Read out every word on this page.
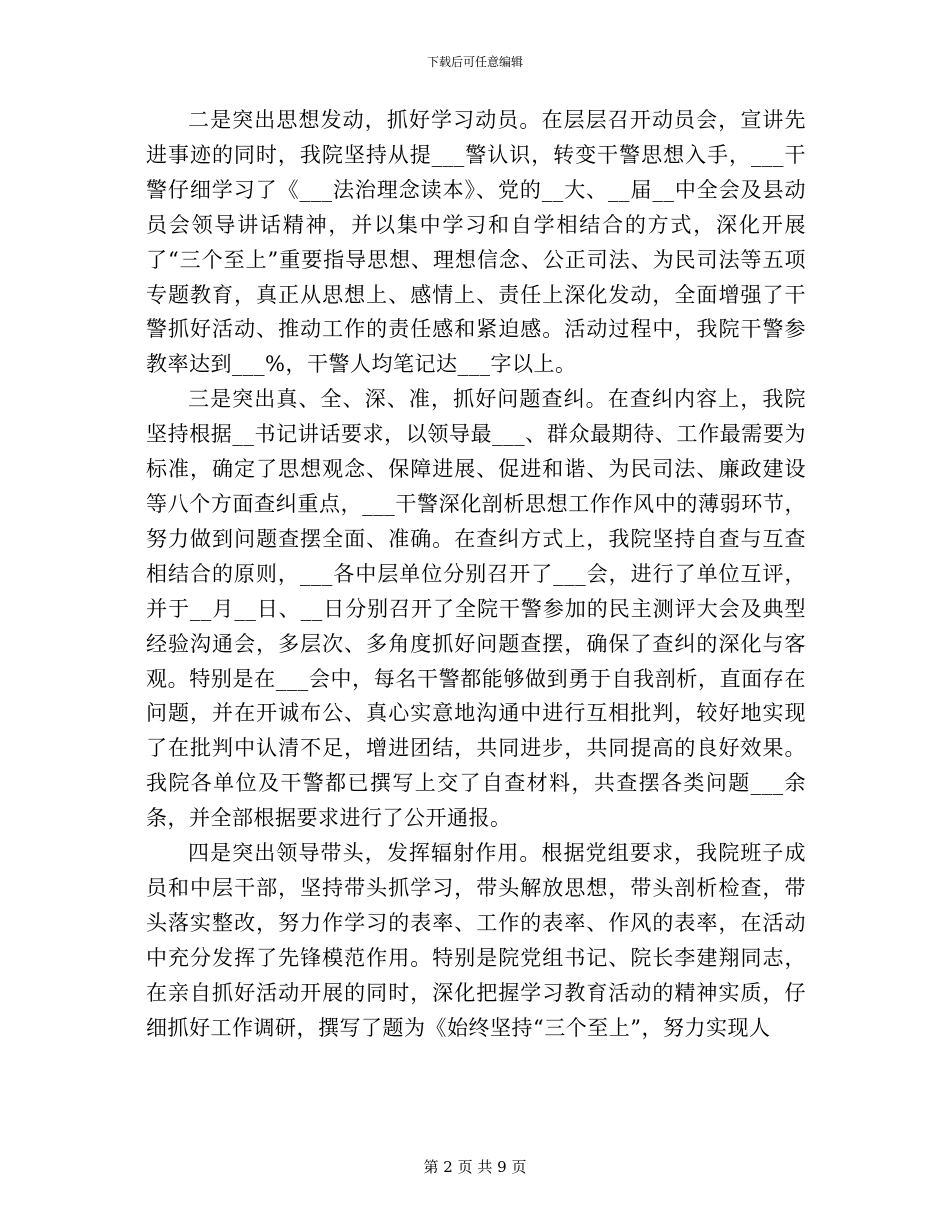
下载后可任意编辑

二是突出思想发动，抓好学习动员。在层层召开动员会，宣讲先进事迹的同时，我院坚持从提___警认识，转变干警思想入手，___干警仔细学习了《___法治理念读本》、党的__大、__届__中全会及县动员会领导讲话精神，并以集中学习和自学相结合的方式，深化开展了“三个至上”重要指导思想、理想信念、公正司法、为民司法等五项专题教育，真正从思想上、感情上、责任上深化发动，全面增强了干警抓好活动、推动工作的责任感和紧迫感。活动过程中，我院干警参教率达到___%，干警人均笔记达___字以上。

三是突出真、全、深、准，抓好问题查纠。在查纠内容上，我院坚持根据__书记讲话要求，以领导最___、群众最期待、工作最需要为标准，确定了思想观念、保障进展、促进和谐、为民司法、廉政建设等八个方面查纠重点，___干警深化剖析思想工作作风中的薄弱环节，努力做到问题查摆全面、准确。在查纠方式上，我院坚持自查与互查相结合的原则，___各中层单位分别召开了___会，进行了单位互评，并于__月__日、__日分别召开了全院干警参加的民主测评大会及典型经验沟通会，多层次、多角度抓好问题查摆，确保了查纠的深化与客观。特别是在___会中，每名干警都能够做到勇于自我剖析，直面存在问题，并在开诚布公、真心实意地沟通中进行互相批判，较好地实现了在批判中认清不足，增进团结，共同进步，共同提高的良好效果。我院各单位及干警都已撰写上交了自查材料，共查摆各类问题___余条，并全部根据要求进行了公开通报。

四是突出领导带头，发挥辐射作用。根据党组要求，我院班子成员和中层干部，坚持带头抓学习，带头解放思想，带头剖析检查，带头落实整改，努力作学习的表率、工作的表率、作风的表率，在活动中充分发挥了先锋模范作用。特别是院党组书记、院长李建翔同志，在亲自抓好活动开展的同时，深化把握学习教育活动的精神实质，仔细抓好工作调研，撰写了题为《始终坚持“三个至上”，努力实现人

第 2 页 共 9 页
